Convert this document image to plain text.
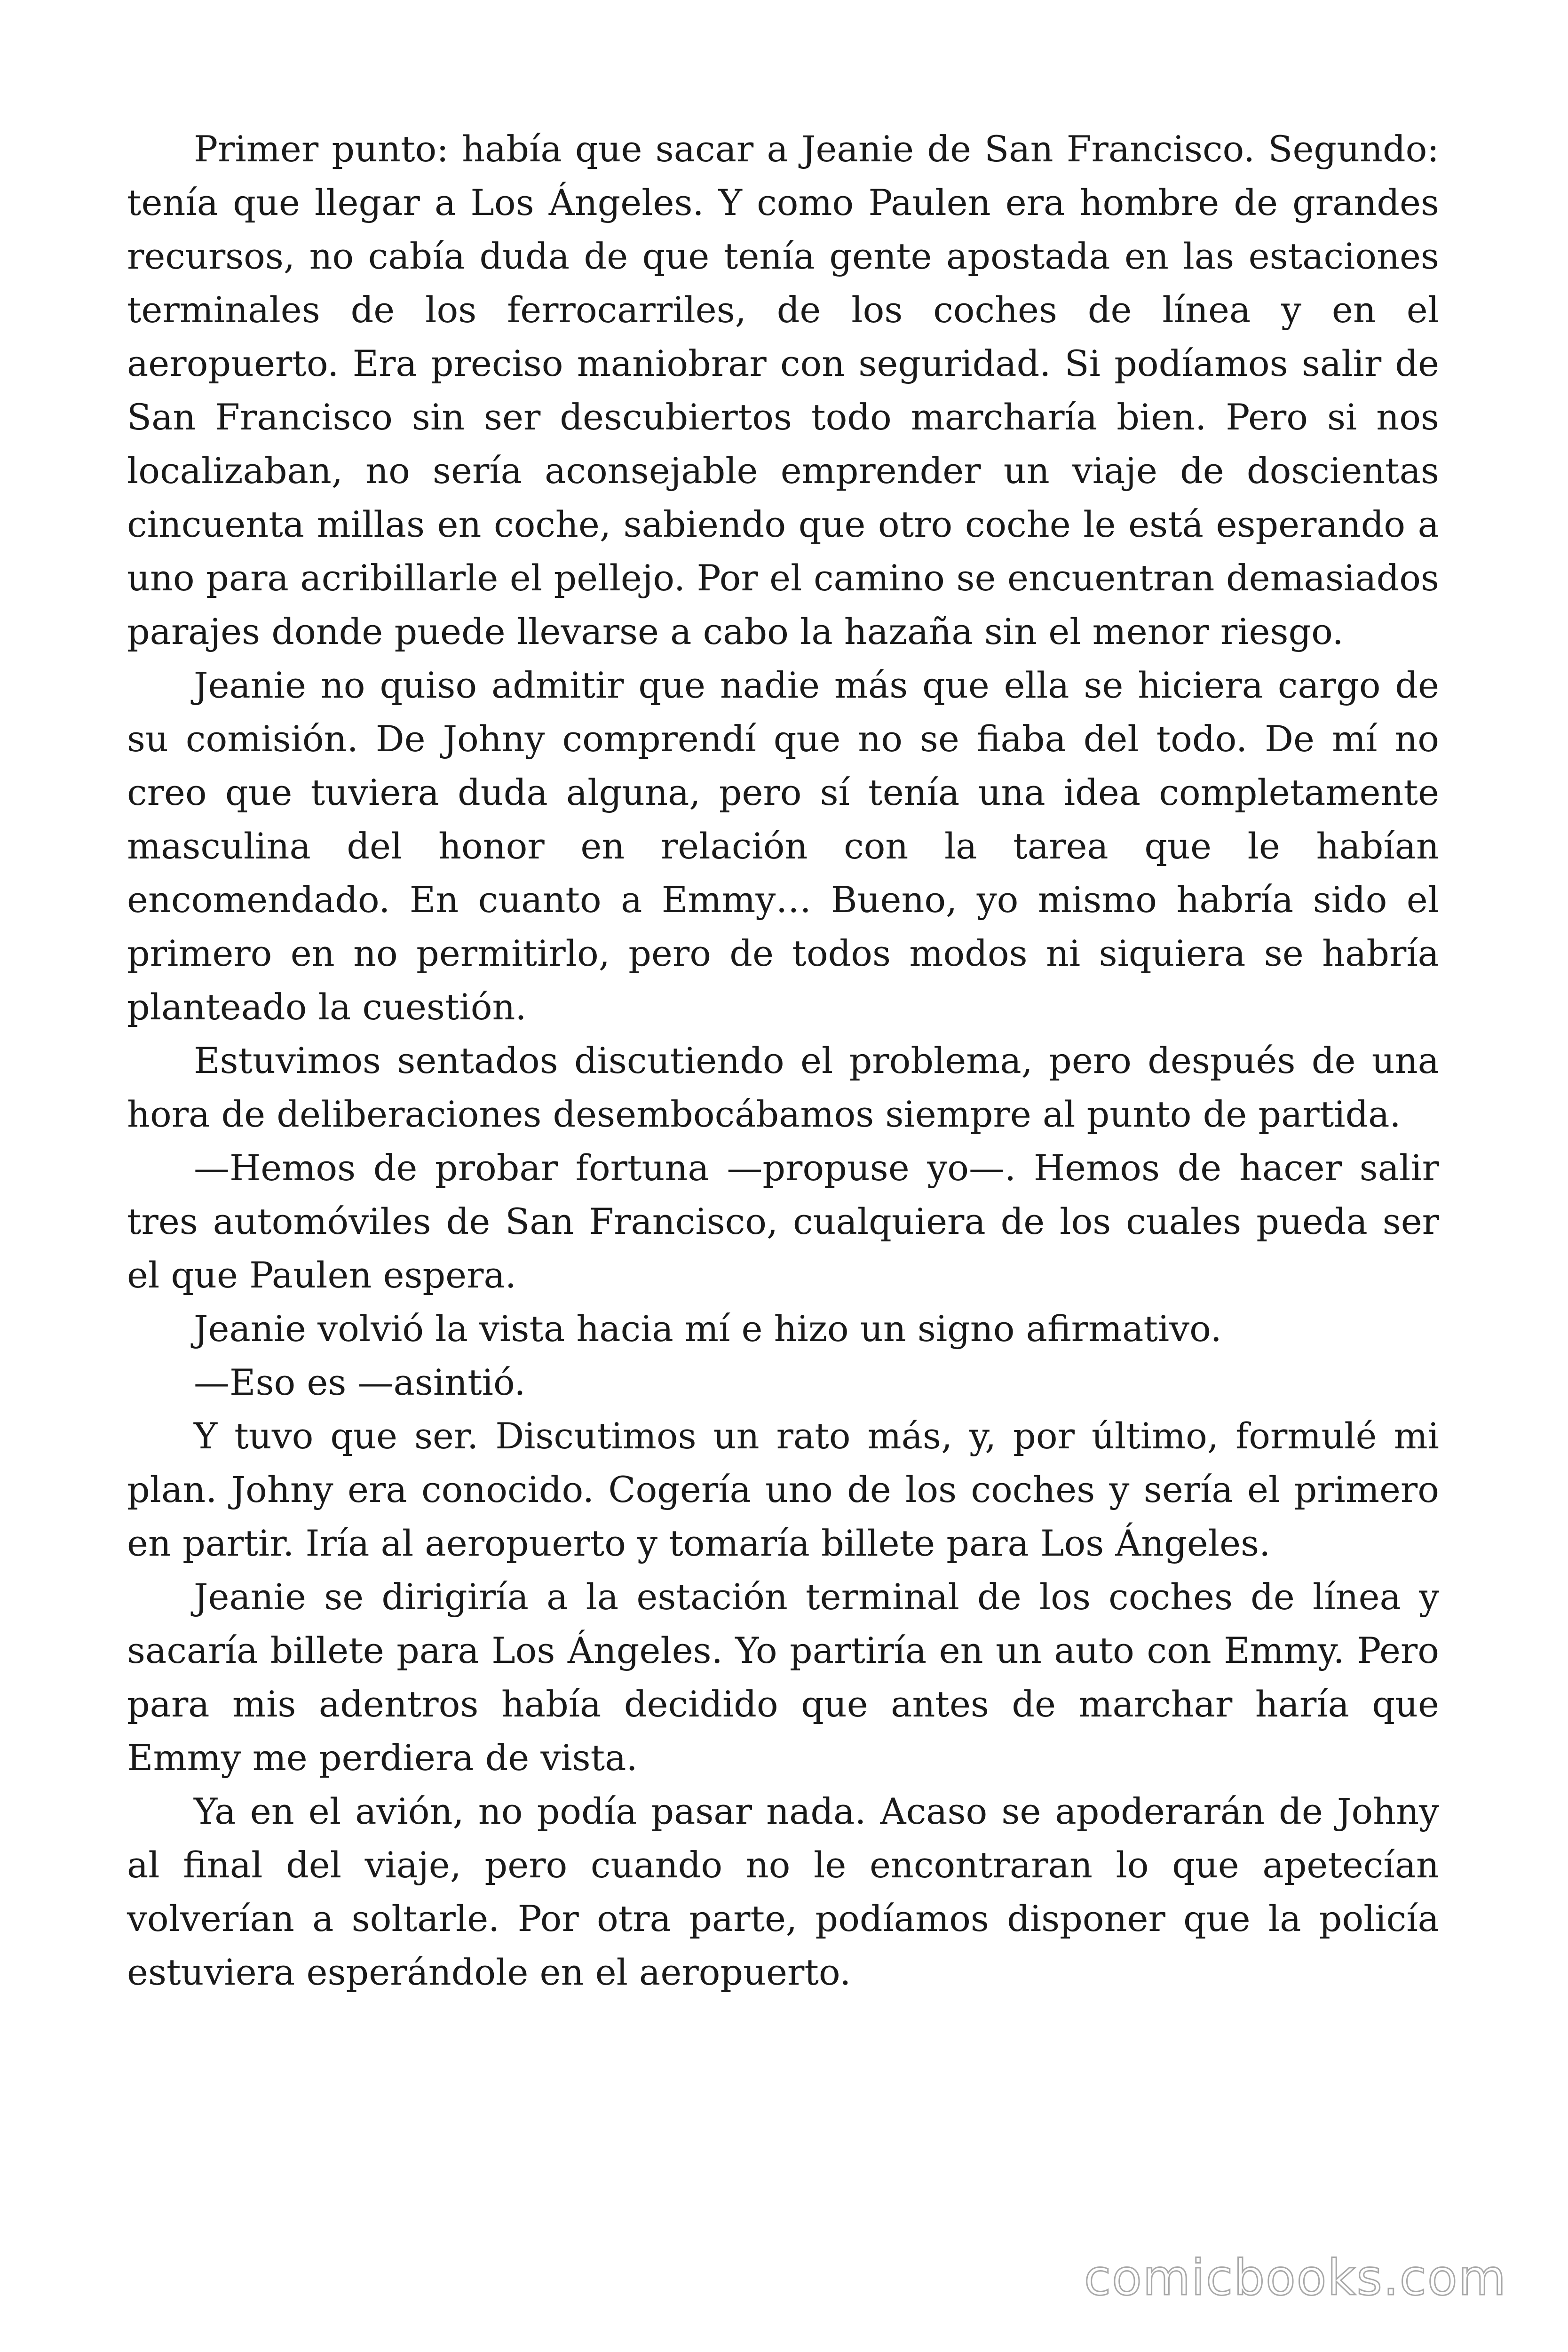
Primer punto: había que sacar a Jeanie de San Francisco. Segundo: tenía que llegar a Los Ángeles. Y como Paulen era hombre de grandes recursos, no cabía duda de que tenía gente apostada en las estaciones terminales de los ferrocarriles, de los coches de línea y en el aeropuerto. Era preciso maniobrar con seguridad. Si podíamos salir de San Francisco sin ser descubiertos todo marcharía bien. Pero si nos localizaban, no sería aconsejable emprender un viaje de doscientas cincuenta millas en coche, sabiendo que otro coche le está esperando a uno para acribillarle el pellejo. Por el camino se encuentran demasiados parajes donde puede llevarse a cabo la hazaña sin el menor riesgo.

Jeanie no quiso admitir que nadie más que ella se hiciera cargo de su comisión. De Johny comprendí que no se fiaba del todo. De mí no creo que tuviera duda alguna, pero sí tenía una idea completamente masculina del honor en relación con la tarea que le habían encomendado. En cuanto a Emmy… Bueno, yo mismo habría sido el primero en no permitirlo, pero de todos modos ni siquiera se habría planteado la cuestión.

Estuvimos sentados discutiendo el problema, pero después de una hora de deliberaciones desembocábamos siempre al punto de partida.

—Hemos de probar fortuna —propuse yo—. Hemos de hacer salir tres automóviles de San Francisco, cualquiera de los cuales pueda ser el que Paulen espera.

Jeanie volvió la vista hacia mí e hizo un signo afirmativo.

—Eso es —asintió.

Y tuvo que ser. Discutimos un rato más, y, por último, formulé mi plan. Johny era conocido. Cogería uno de los coches y sería el primero en partir. Iría al aeropuerto y tomaría billete para Los Ángeles.

Jeanie se dirigiría a la estación terminal de los coches de línea y sacaría billete para Los Ángeles. Yo partiría en un auto con Emmy. Pero para mis adentros había decidido que antes de marchar haría que Emmy me perdiera de vista.

Ya en el avión, no podía pasar nada. Acaso se apoderarán de Johny al final del viaje, pero cuando no le encontraran lo que apetecían volverían a soltarle. Por otra parte, podíamos disponer que la policía estuviera esperándole en el aeropuerto.

comicbooks.com
